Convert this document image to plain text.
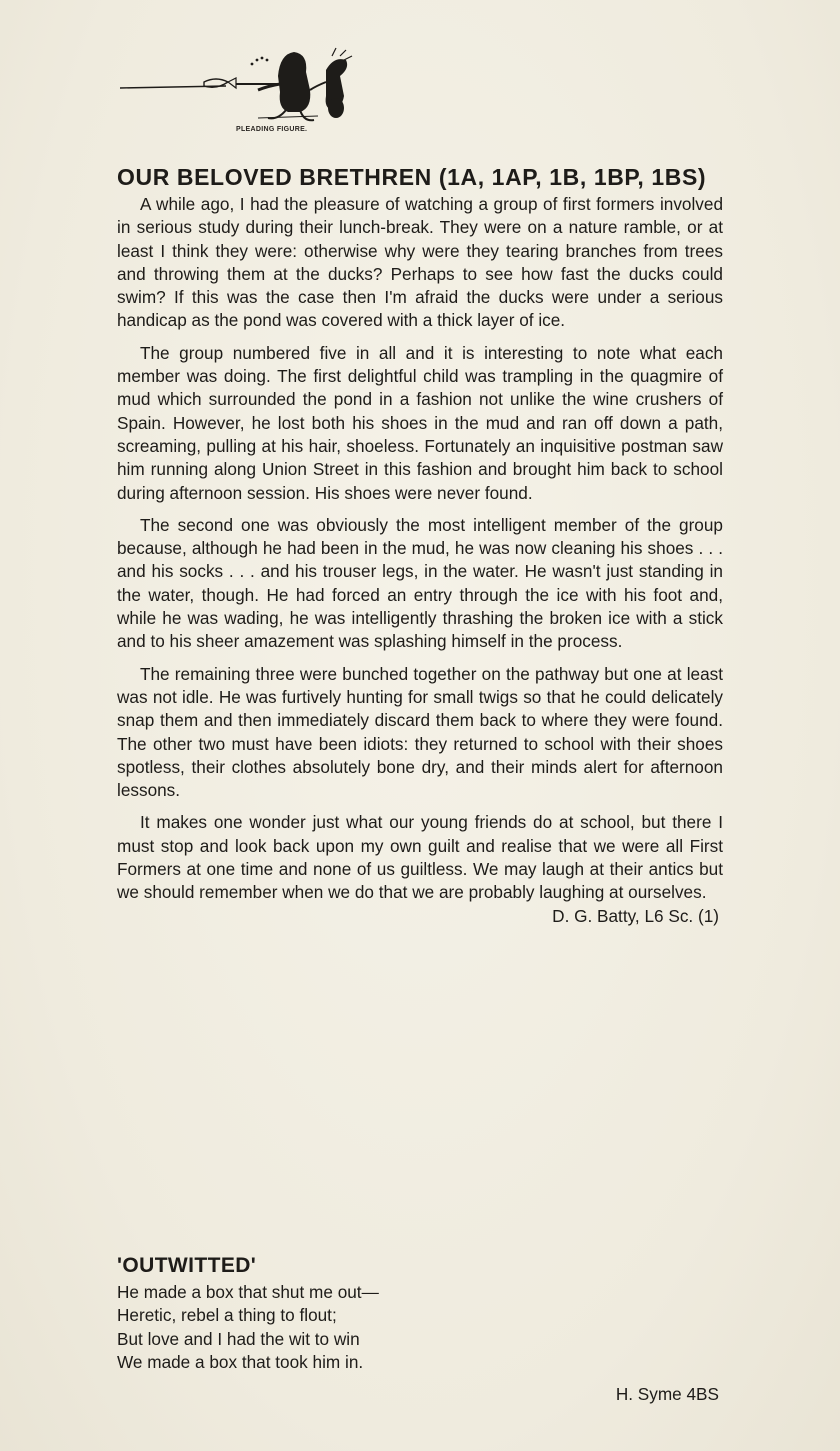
PLEADING FIGURE.
OUR BELOVED BRETHREN (1A, 1AP, 1B, 1BP, 1BS)

A while ago, I had the pleasure of watching a group of first formers involved in serious study during their lunch-break. They were on a nature ramble, or at least I think they were: otherwise why were they tearing branches from trees and throwing them at the ducks? Perhaps to see how fast the ducks could swim? If this was the case then I'm afraid the ducks were under a serious handicap as the pond was covered with a thick layer of ice.

The group numbered five in all and it is interesting to note what each member was doing. The first delightful child was trampling in the quagmire of mud which surrounded the pond in a fashion not unlike the wine crushers of Spain. However, he lost both his shoes in the mud and ran off down a path, screaming, pulling at his hair, shoeless. Fortunately an inquisitive postman saw him running along Union Street in this fashion and brought him back to school during afternoon session. His shoes were never found.

The second one was obviously the most intelligent member of the group because, although he had been in the mud, he was now cleaning his shoes . . . and his socks . . . and his trouser legs, in the water. He wasn't just standing in the water, though. He had forced an entry through the ice with his foot and, while he was wading, he was intelligently thrashing the broken ice with a stick and to his sheer amazement was splashing himself in the process.

The remaining three were bunched together on the pathway but one at least was not idle. He was furtively hunting for small twigs so that he could delicately snap them and then immediately discard them back to where they were found. The other two must have been idiots: they returned to school with their shoes spotless, their clothes absolutely bone dry, and their minds alert for afternoon lessons.

It makes one wonder just what our young friends do at school, but there I must stop and look back upon my own guilt and realise that we were all First Formers at one time and none of us guiltless. We may laugh at their antics but we should remember when we do that we are probably laughing at ourselves.

D. G. Batty, L6 Sc. (1)
'OUTWITTED'

He made a box that shut me out—

Heretic, rebel a thing to flout;

But love and I had the wit to win

We made a box that took him in.

H. Syme 4BS
